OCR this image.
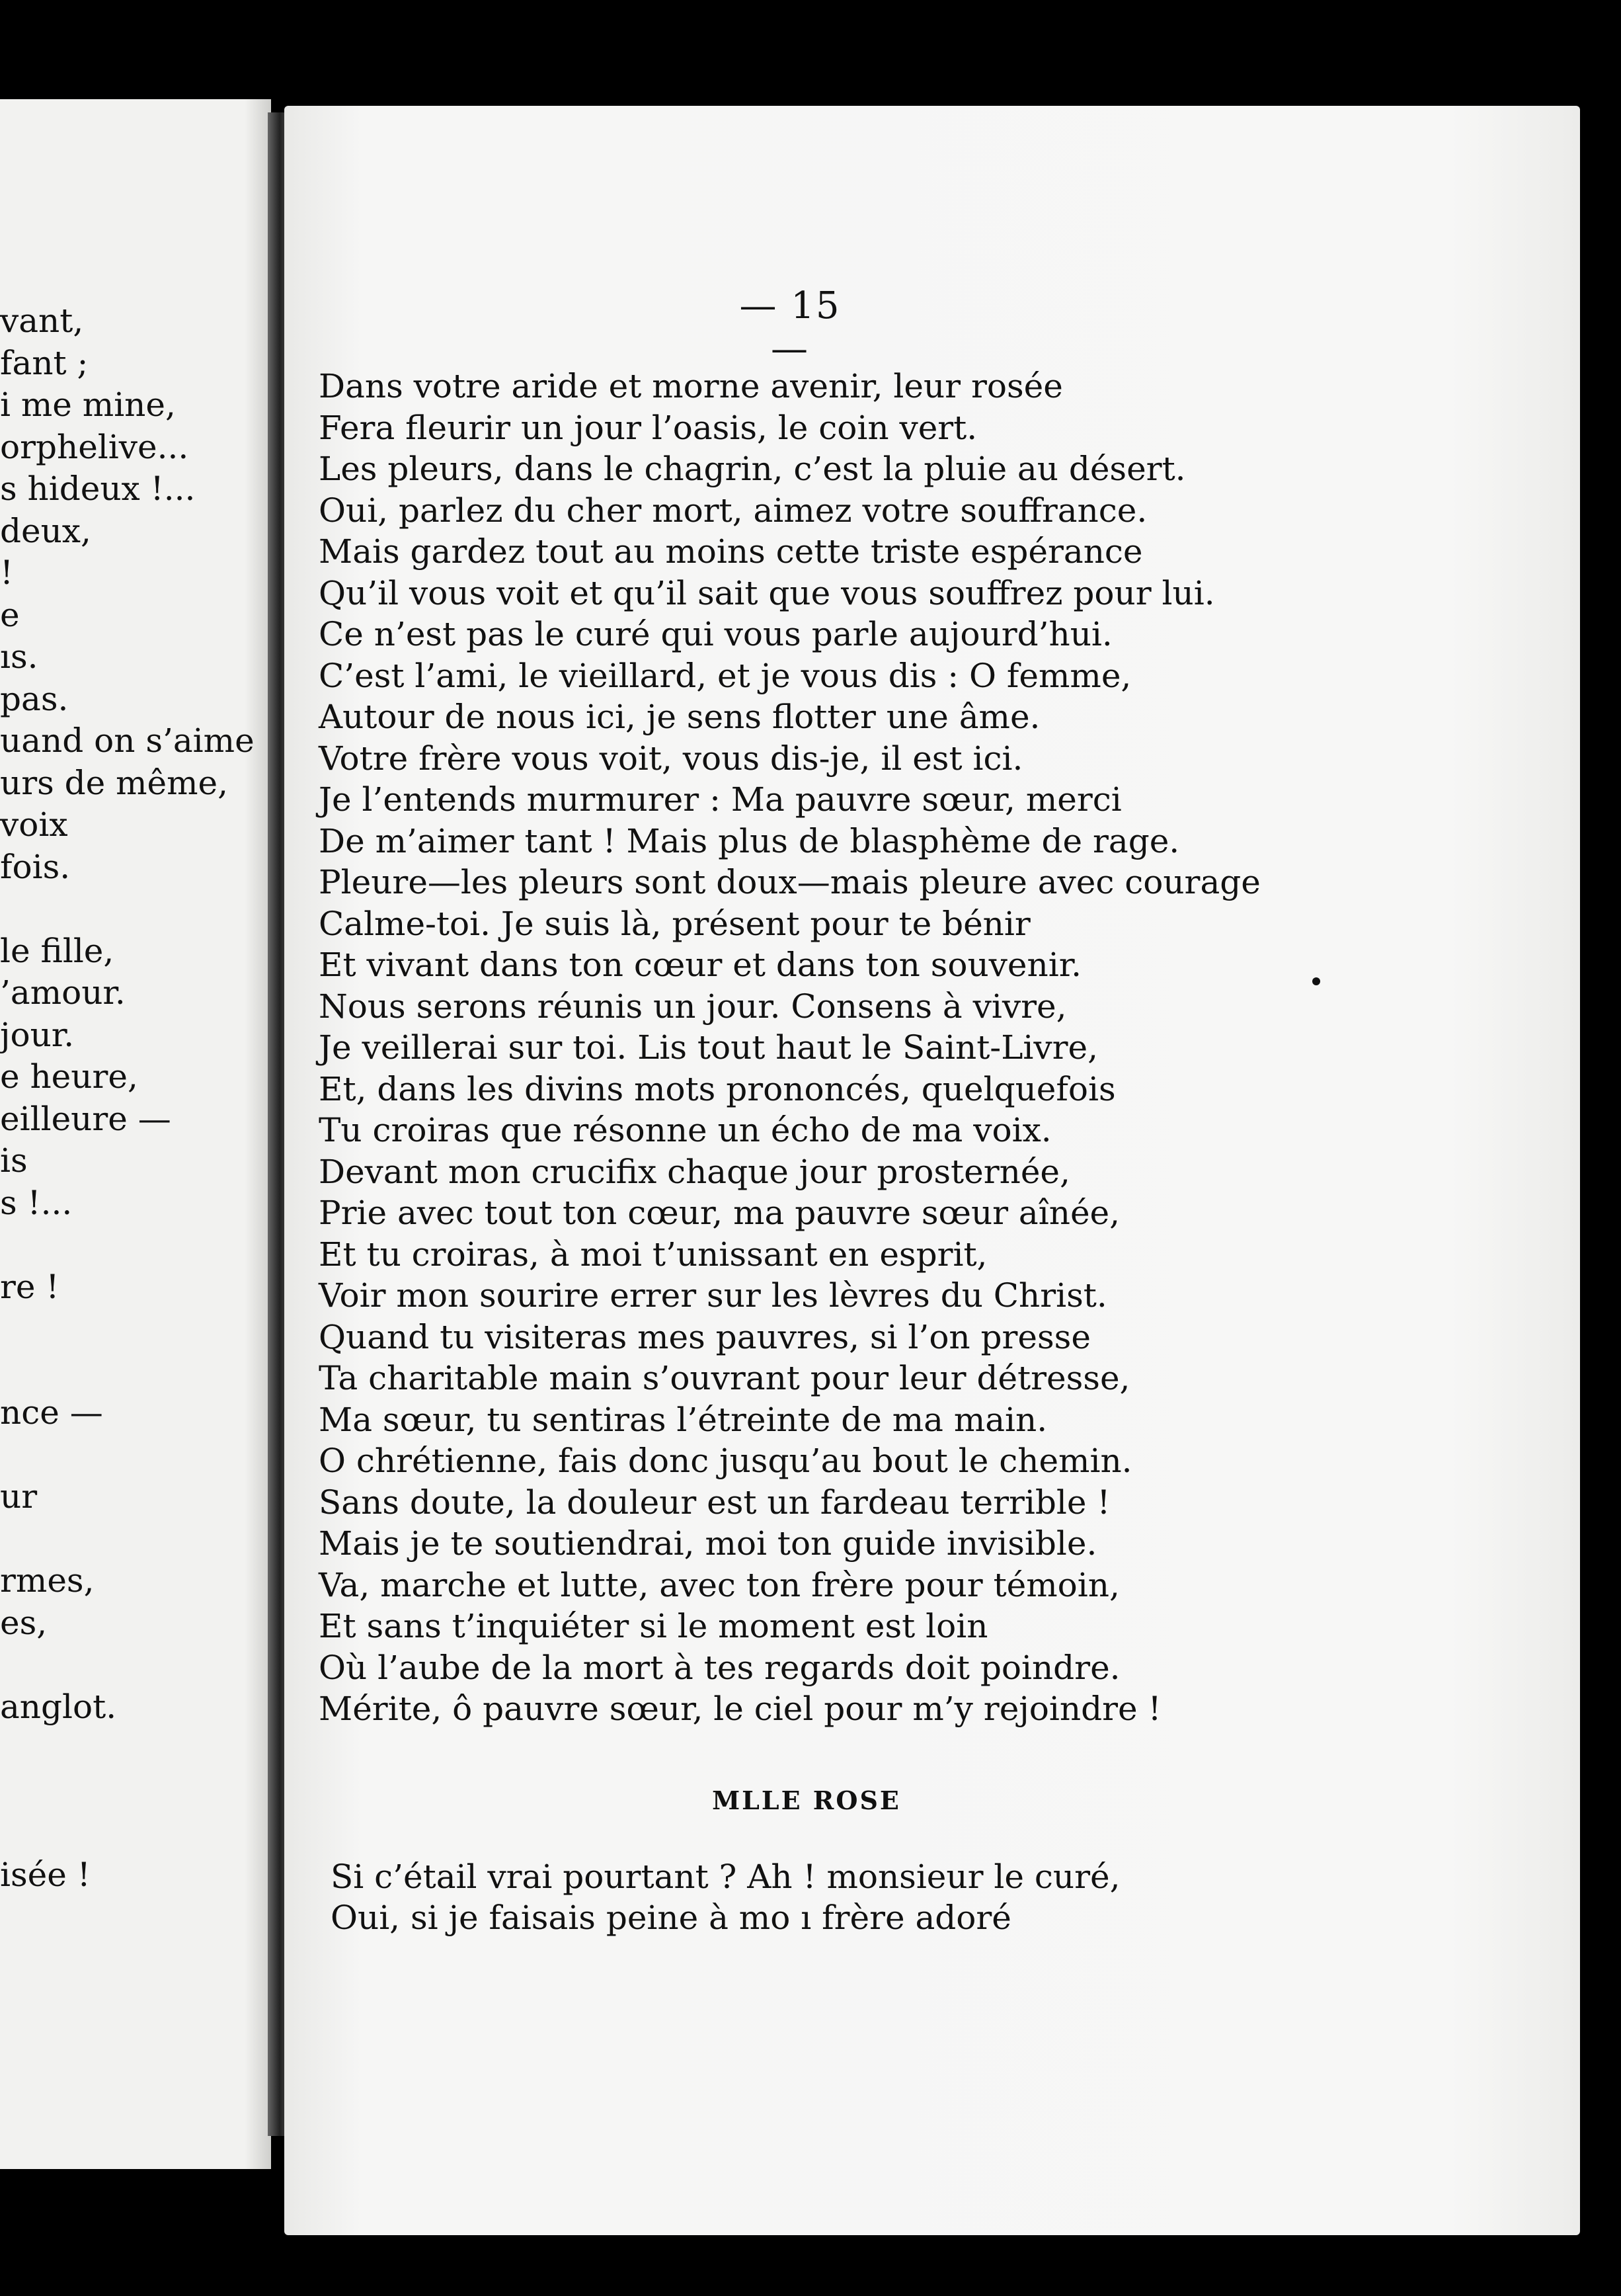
vant,
fant ;
i me mine,
orphelive...
s hideux !...
deux,
!
e
ıs.
pas.
uand on s’aime
urs de même,
voix
fois.
le fille,
’amour.
jour.
e heure,
eilleure —
is
s !...
re !
nce —
ur
rmes,
es,
anglot.
isée !
— 15 —
Dans votre aride et morne avenir, leur rosée
Fera fleurir un jour l’oasis, le coin vert.
Les pleurs, dans le chagrin, c’est la pluie au désert.
Oui, parlez du cher mort, aimez votre souffrance.
Mais gardez tout au moins cette triste espérance
Qu’il vous voit et qu’il sait que vous souffrez pour lui.
Ce n’est pas le curé qui vous parle aujourd’hui.
C’est l’ami, le vieillard, et je vous dis : O femme,
Autour de nous ici, je sens flotter une âme.
Votre frère vous voit, vous dis-je, il est ici.
Je l’entends murmurer : Ma pauvre sœur, merci
De m’aimer tant ! Mais plus de blasphème de rage.
Pleure—les pleurs sont doux—mais pleure avec courage
Calme-toi. Je suis là, présent pour te bénir
Et vivant dans ton cœur et dans ton souvenir.
Nous serons réunis un jour. Consens à vivre,
Je veillerai sur toi. Lis tout haut le Saint-Livre,
Et, dans les divins mots prononcés, quelquefois
Tu croiras que résonne un écho de ma voix.
Devant mon crucifix chaque jour prosternée,
Prie avec tout ton cœur, ma pauvre sœur aînée,
Et tu croiras, à moi t’unissant en esprit,
Voir mon sourire errer sur les lèvres du Christ.
Quand tu visiteras mes pauvres, si l’on presse
Ta charitable main s’ouvrant pour leur détresse,
Ma sœur, tu sentiras l’étreinte de ma main.
O chrétienne, fais donc jusqu’au bout le chemin.
Sans doute, la douleur est un fardeau terrible !
Mais je te soutiendrai, moi ton guide invisible.
Va, marche et lutte, avec ton frère pour témoin,
Et sans t’inquiéter si le moment est loin
Où l’aube de la mort à tes regards doit poindre.
Mérite, ô pauvre sœur, le ciel pour m’y rejoindre !
MLLE ROSE
Si c’étail vrai pourtant ? Ah ! monsieur le curé,
Oui, si je faisais peine à mo ı frère adoré
